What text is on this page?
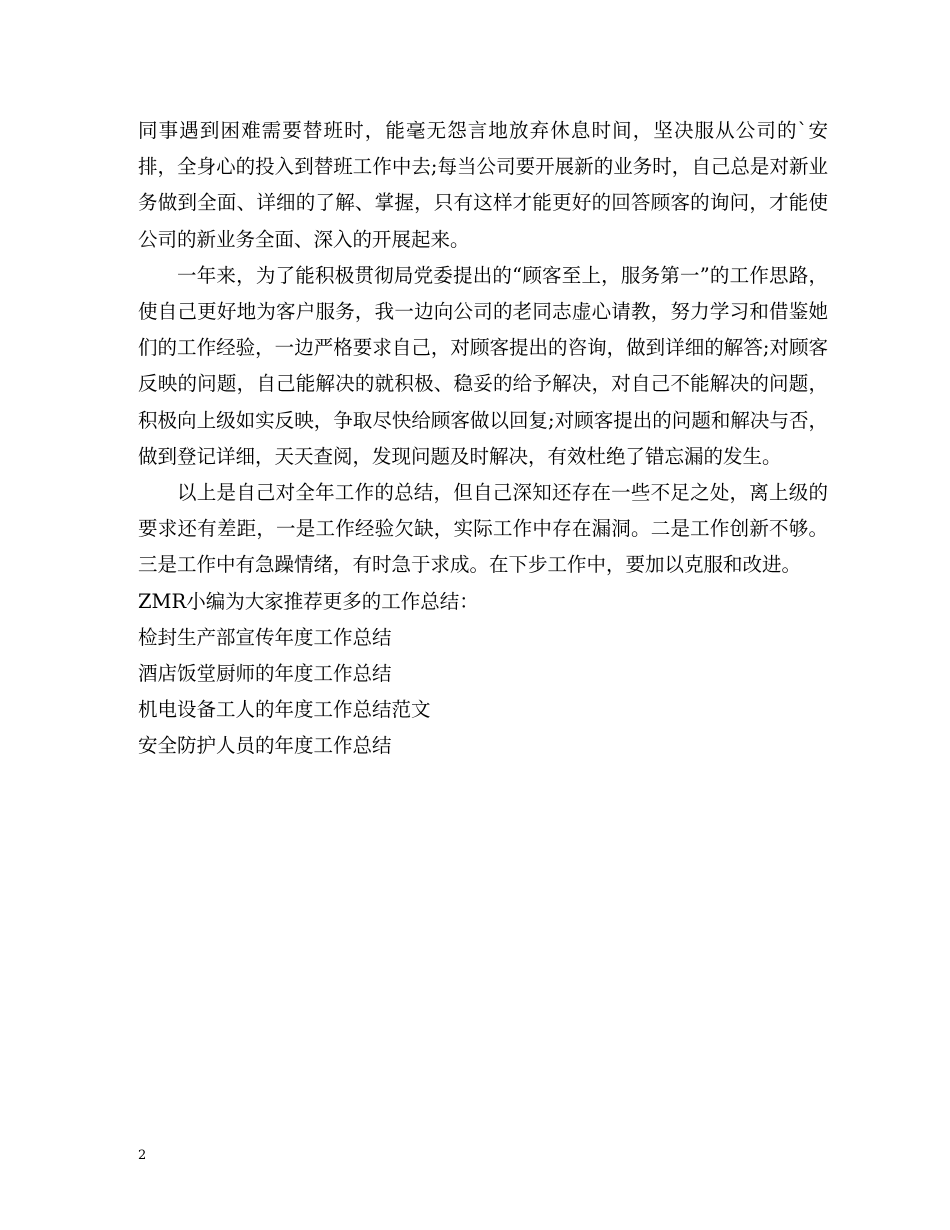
同事遇到困难需要替班时，能毫无怨言地放弃休息时间，坚决服从公司的`安排，全身心的投入到替班工作中去;每当公司要开展新的业务时，自己总是对新业务做到全面、详细的了解、掌握，只有这样才能更好的回答顾客的询问，才能使公司的新业务全面、深入的开展起来。

一年来，为了能积极贯彻局党委提出的“顾客至上，服务第一”的工作思路，使自己更好地为客户服务，我一边向公司的老同志虚心请教，努力学习和借鉴她们的工作经验，一边严格要求自己，对顾客提出的咨询，做到详细的解答;对顾客反映的问题，自己能解决的就积极、稳妥的给予解决，对自己不能解决的问题，积极向上级如实反映，争取尽快给顾客做以回复;对顾客提出的问题和解决与否，做到登记详细，天天查阅，发现问题及时解决，有效杜绝了错忘漏的发生。

以上是自己对全年工作的总结，但自己深知还存在一些不足之处，离上级的要求还有差距，一是工作经验欠缺，实际工作中存在漏洞。二是工作创新不够。三是工作中有急躁情绪，有时急于求成。在下步工作中，要加以克服和改进。

ZMR小编为大家推荐更多的工作总结：

检封生产部宣传年度工作总结
酒店饭堂厨师的年度工作总结
机电设备工人的年度工作总结范文
安全防护人员的年度工作总结
2
